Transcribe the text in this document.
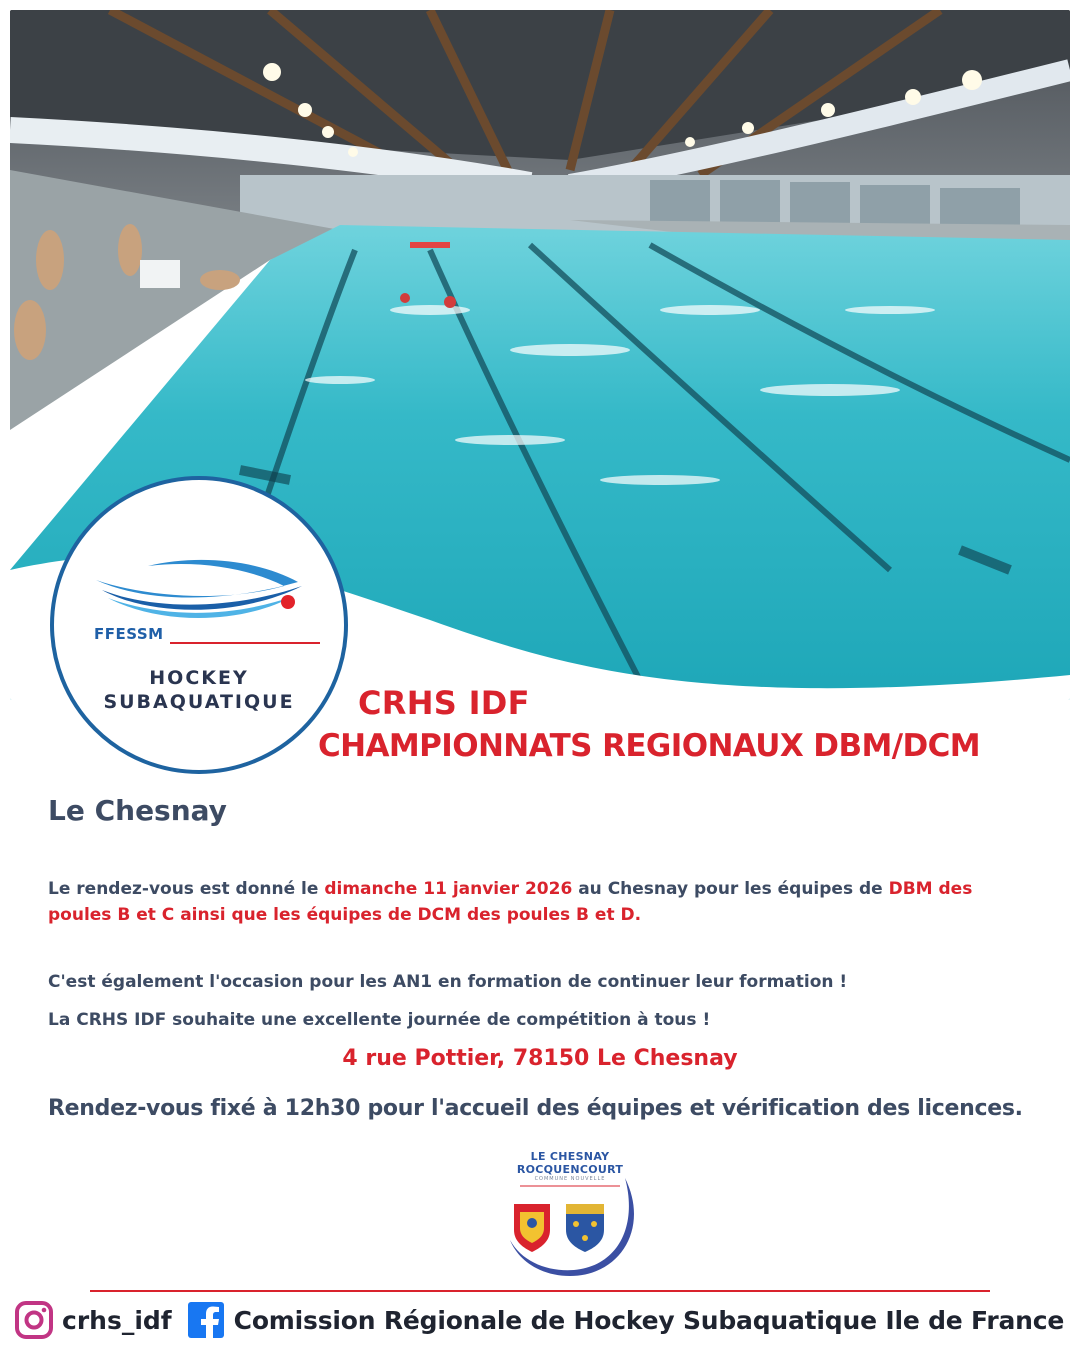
FFESSM
HOCKEY
SUBAQUATIQUE	CRHS IDF
CHAMPIONNATS REGIONAUX DBM/DCM
Le Chesnay
Le rendez-vous est donné le dimanche 11 janvier 2026 au Chesnay pour les équipes de DBM des poules B et C ainsi que les équipes de DCM des poules B et D.
C'est également l'occasion pour les AN1 en formation de continuer leur formation !
La CRHS IDF souhaite une excellente journée de compétition à tous !
4 rue Pottier, 78150 Le Chesnay
Rendez-vous fixé à 12h30 pour l'accueil des équipes et vérification des licences.
LE CHESNAY
ROCQUENCOURT
COMMUNE NOUVELLE
crhs_idf Comission Régionale de Hockey Subaquatique Ile de France
